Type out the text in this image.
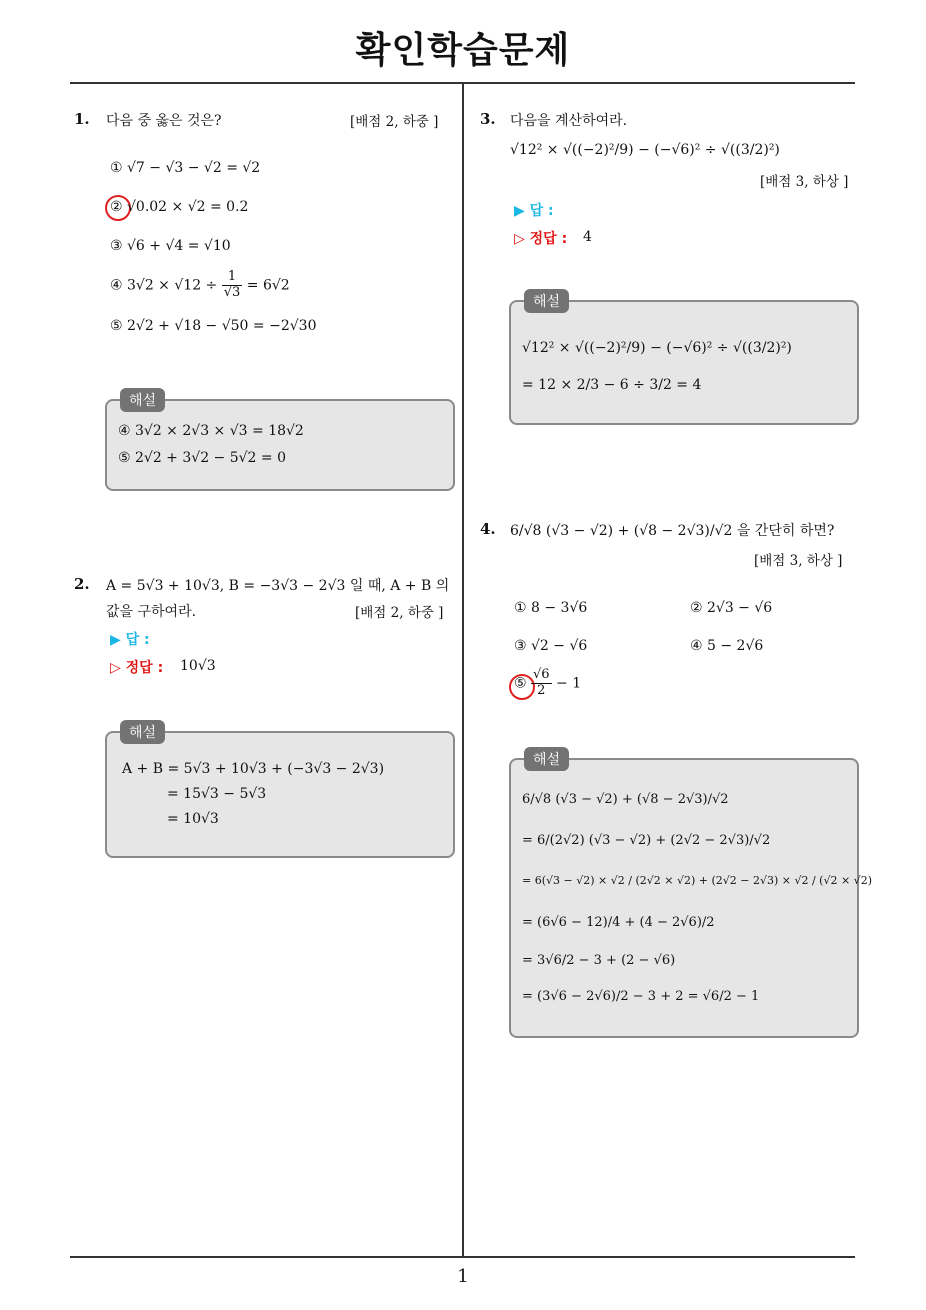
확인학습문제
1. 다음 중 옳은 것은?	[배점 2, 하중 ]
① √7 − √3 − √2 = √2
② √0.02 × √2 = 0.2
③ √6 + √4 = √10
④ $3√2 \times √12 \div \frac{1}{√3} = 6√2$
⑤ 2√2 + √18 − √50 = −2√30
해설
④ 3√2 × 2√3 × √3 = 18√2
⑤ 2√2 + 3√2 − 5√2 = 0
2. A = 5√3 + 10√3, B = −3√3 − 2√3 일 때, A + B 의
값을 구하여라.	[배점 2, 하중 ]
▶ 답 :
▷ 정답 : 10√3
해설
A + B = 5√3 + 10√3 + (−3√3 − 2√3)
= 15√3 − 5√3
= 10√3
3. 다음을 계산하여라.
√12² × √((−2)²/9) − (−√6)² ÷ √((3/2)²)
[배점 3, 하상 ]
▶ 답 :
▷ 정답 : 4
해설
√12² × √((−2)²/9) − (−√6)² ÷ √((3/2)²)
= 12 × 2/3 − 6 ÷ 3/2 = 4
4. 6/√8 (√3 − √2) + (√8 − 2√3)/√2 을 간단히 하면?
[배점 3, 하상 ]
① 8 − 3√6	② 2√3 − √6
③ √2 − √6	④ 5 − 2√6
⑤ $\frac{√6}{2} - 1$
해설
6/√8 (√3 − √2) + (√8 − 2√3)/√2
= 6/(2√2) (√3 − √2) + (2√2 − 2√3)/√2
= 6(√3 − √2) × √2 / (2√2 × √2) + (2√2 − 2√3) × √2 / (√2 × √2)
= (6√6 − 12)/4 + (4 − 2√6)/2
= 3√6/2 − 3 + (2 − √6)
= (3√6 − 2√6)/2 − 3 + 2 = √6/2 − 1
1
